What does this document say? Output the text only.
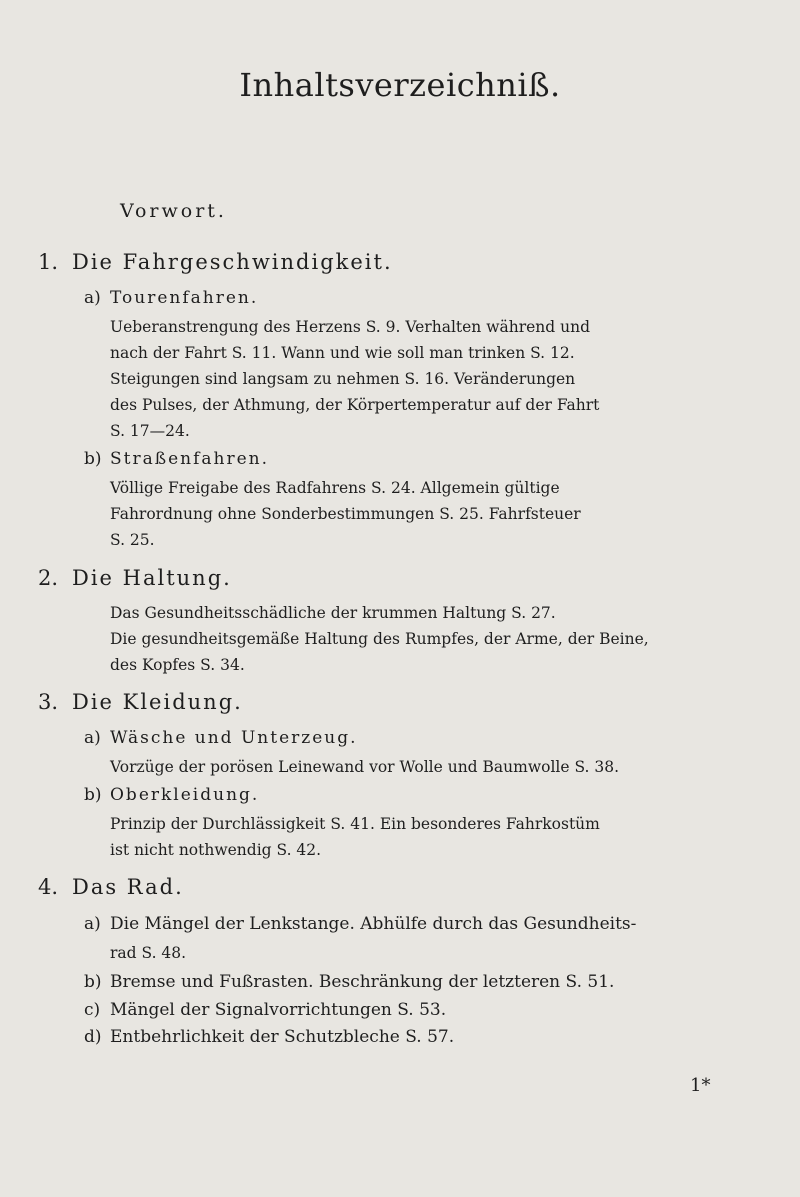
Inhaltsverzeichniß.
Vorwort.
1. Die Fahrgeschwindigkeit.
a) Tourenfahren.
Ueberanstrengung des Herzens S. 9. Verhalten während und
nach der Fahrt S. 11. Wann und wie soll man trinken S. 12.
Steigungen sind langsam zu nehmen S. 16. Veränderungen
des Pulses, der Athmung, der Körpertemperatur auf der Fahrt
S. 17—24.
b) Straßenfahren.
Völlige Freigabe des Radfahrens S. 24. Allgemein gültige
Fahrordnung ohne Sonderbestimmungen S. 25. Fahrfsteuer
S. 25.
2. Die Haltung.
Das Gesundheitsschädliche der krummen Haltung S. 27.
Die gesundheitsgemäße Haltung des Rumpfes, der Arme, der Beine,
des Kopfes S. 34.
3. Die Kleidung.
a) Wäsche und Unterzeug.
Vorzüge der porösen Leinewand vor Wolle und Baumwolle S. 38.
b) Oberkleidung.
Prinzip der Durchlässigkeit S. 41. Ein besonderes Fahrkostüm
ist nicht nothwendig S. 42.
4. Das Rad.
a) Die Mängel der Lenkstange. Abhülfe durch das Gesundheits-
rad S. 48.
b) Bremse und Fußrasten. Beschränkung der letzteren S. 51.
c) Mängel der Signalvorrichtungen S. 53.
d) Entbehrlichkeit der Schutzbleche S. 57.
1*
